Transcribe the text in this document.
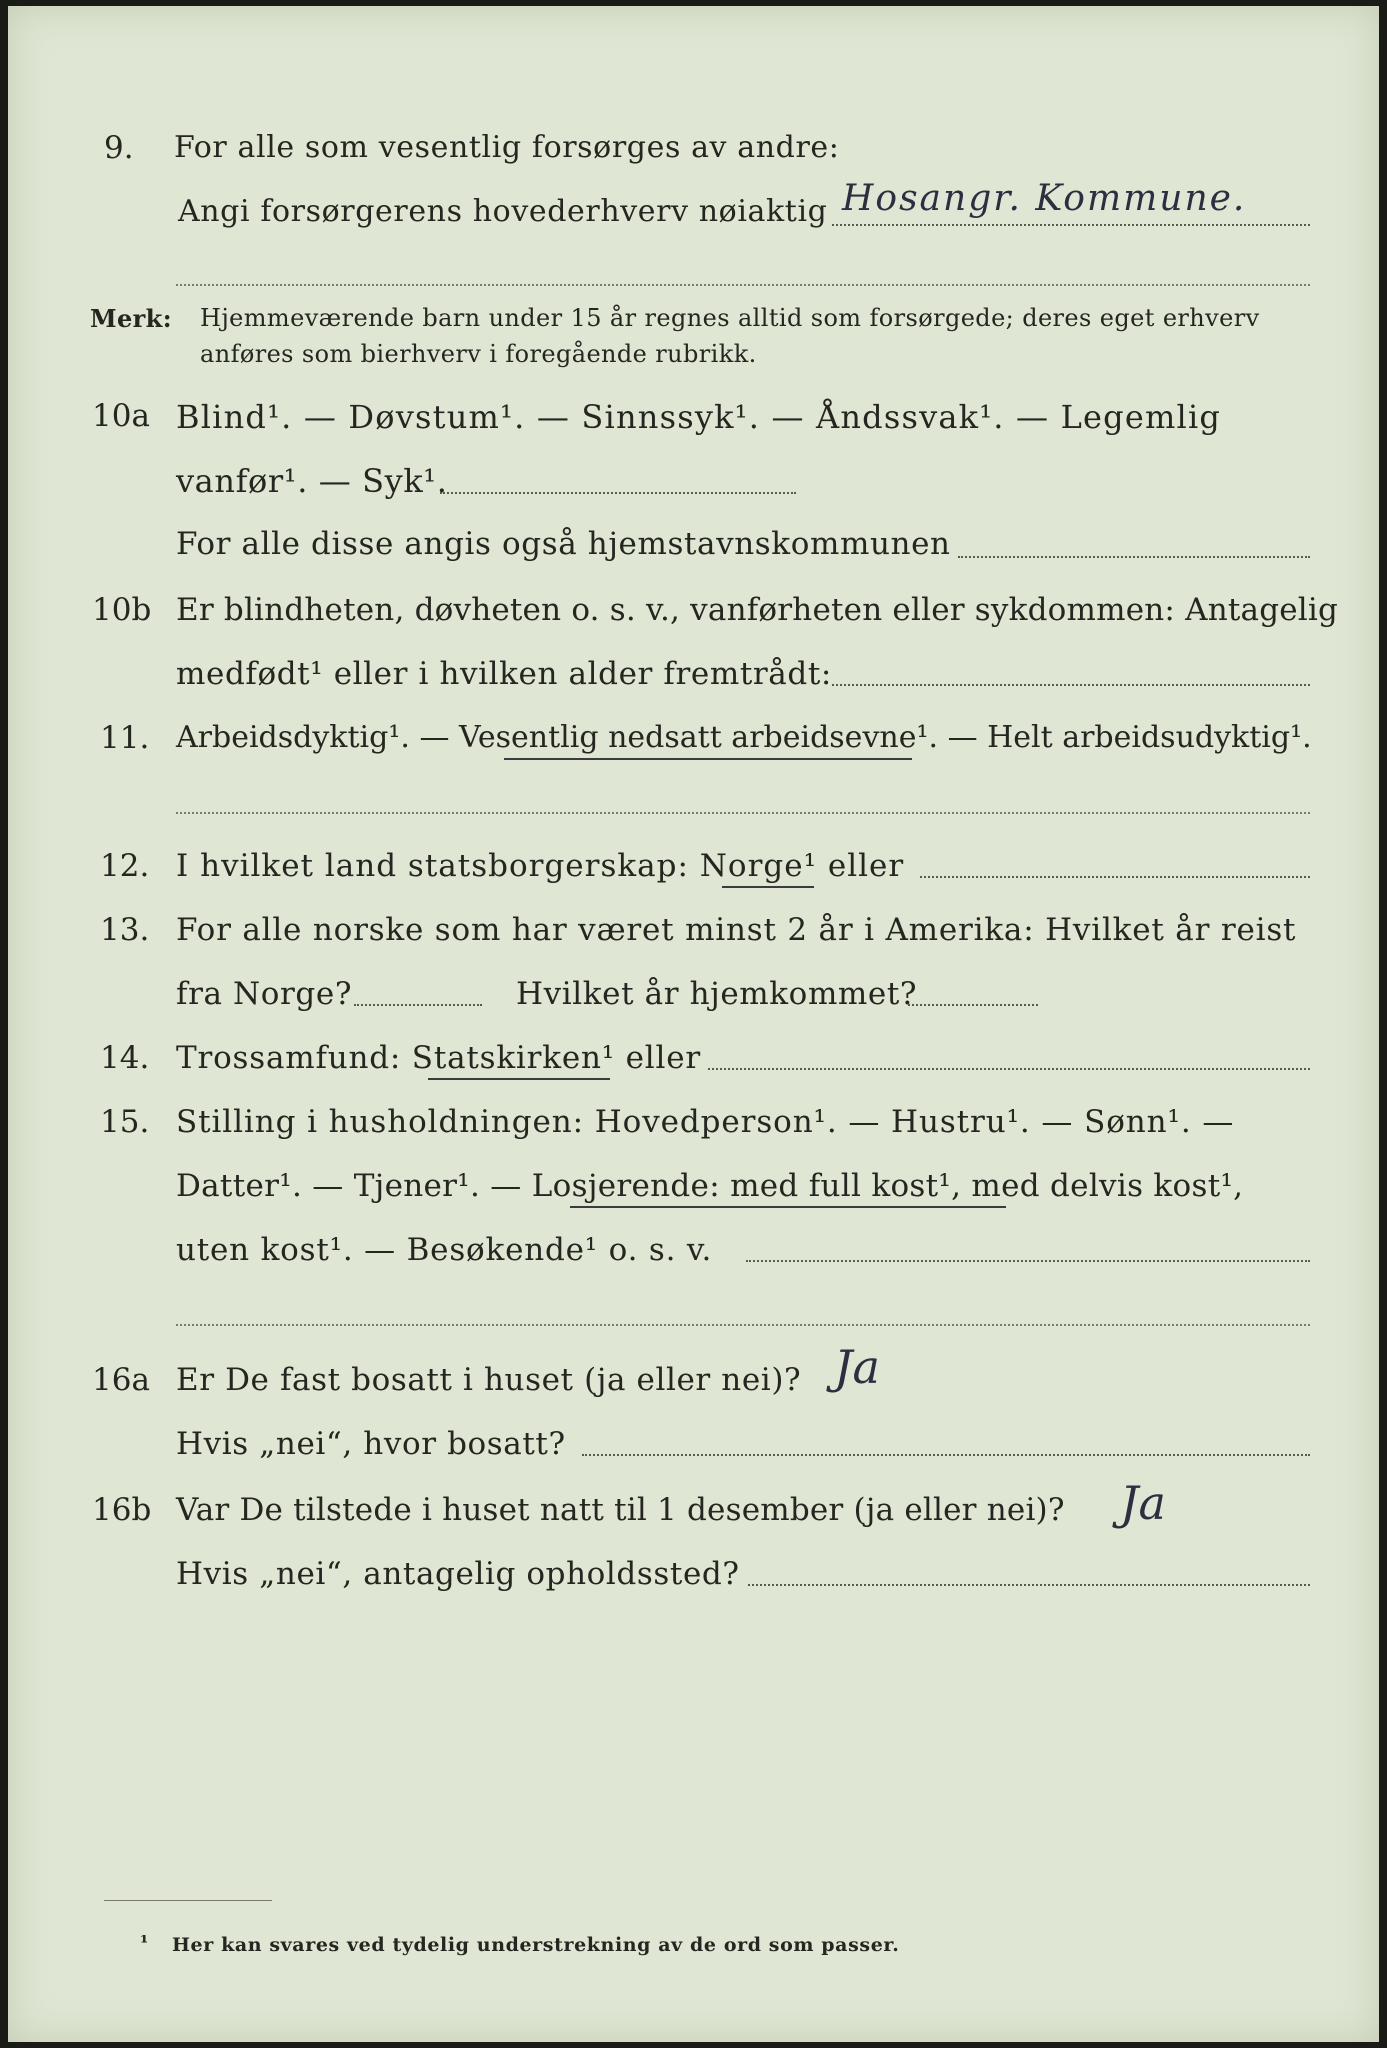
9. For alle som vesentlig forsørges av andre:
Angi forsørgerens hovederhverv nøiaktig Hosangr. Kommune.
Merk: Hjemmeværende barn under 15 år regnes alltid som forsørgede; deres eget erhverv
anføres som bierhverv i foregående rubrikk.
10a Blind¹. — Døvstum¹. — Sinnssyk¹. — Åndssvak¹. — Legemlig
vanfør¹. — Syk¹.
For alle disse angis også hjemstavnskommunen
10b Er blindheten, døvheten o. s. v., vanførheten eller sykdommen: Antagelig
medfødt¹ eller i hvilken alder fremtrådt:
11. Arbeidsdyktig¹. — Vesentlig nedsatt arbeidsevne¹. — Helt arbeidsudyktig¹.
12. I hvilket land statsborgerskap: Norge¹ eller
13. For alle norske som har været minst 2 år i Amerika: Hvilket år reist
fra Norge?	Hvilket år hjemkommet?
14. Trossamfund: Statskirken¹ eller
15. Stilling i husholdningen: Hovedperson¹. — Hustru¹. — Sønn¹. —
Datter¹. — Tjener¹. — Losjerende: med full kost¹, med delvis kost¹,
uten kost¹. — Besøkende¹ o. s. v.
16a Er De fast bosatt i huset (ja eller nei)? Ja
Hvis „nei“, hvor bosatt?
16b Var De tilstede i huset natt til 1 desember (ja eller nei)? Ja
Hvis „nei“, antagelig opholdssted?
¹ Her kan svares ved tydelig understrekning av de ord som passer.
